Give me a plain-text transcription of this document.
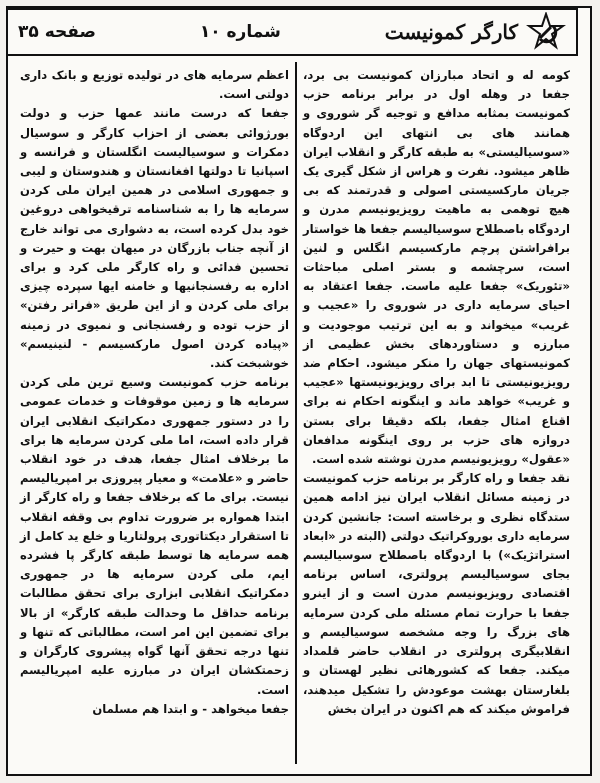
کارگر کمونیست
شماره ۱۰
صفحه ۳۵

کومه له و اتحاد مبارزان کمونیست بی برد، جفعا در وهله اول در برابر برنامه حزب کمونیست بمثابه مدافع و توجیه گر شوروی و همانند های بی انتهای این اردوگاه «سوسیالیستی» به طبقه کارگر و انقلاب ایران ظاهر میشود. نفرت و هراس از شکل گیری یک جریان مارکسیستی اصولی و قدرتمند که بی هیچ توهمی به ماهیت رویزیونیسم مدرن و اردوگاه باصطلاح سوسیالیسم جفعا ها خواستار برافراشتن پرچم مارکسیسم انگلس و لنین است، سرچشمه و بستر اصلی مباحثات «تئوریک» جفعا علیه ماست. جفعا اعتقاد به احیای سرمایه داری در شوروی را «عجیب و غریب» میخواند و به این ترتیب موجودیت و مبارزه و دستاوردهای بخش عظیمی از کمونیستهای جهان را منکر میشود. احکام ضد رویزیونیستی تا ابد برای رویزیونیستها «عجیب و غریب» خواهد ماند و اینگونه احکام نه برای اقناع امثال جفعا، بلکه دقیقا برای بستن دروازه های حزب بر روی اینگونه مدافعان «عقول» رویزیونیسم مدرن نوشته شده است.

نقد جفعا و راه کارگر بر برنامه حزب کمونیست در زمینه مسائل انقلاب ایران نیز ادامه همین ستدگاه نظری و برخاسته است: جانشین کردن سرمایه داری بوروکراتیک دولتی (البته در «ابعاد استراتژیک») با اردوگاه باصطلاح سوسیالیسم بجای سوسیالیسم پرولتری، اساس برنامه اقتصادی رویزیونیسم مدرن است و از اینرو جفعا با حرارت تمام مسئله ملی کردن سرمایه های بزرگ را وجه مشخصه سوسیالیسم و انقلابیگری پرولتری در انقلاب حاضر قلمداد میکند. جفعا که کشورهائی نظیر لهستان و بلغارستان بهشت موعودش را تشکیل میدهند، فراموش میکند که هم اکنون در ایران بخش

اعظم سرمایه های در تولیده توزیع و بانک داری دولتی است.

جفعا که درست مانند عمها حزب و دولت بورژوائی بعضی از احزاب کارگر و سوسیال دمکرات و سوسیالیست انگلستان و فرانسه و اسپانیا تا دولتها افغانستان و هندوستان و لیبی و جمهوری اسلامی در همین ایران ملی کردن سرمایه ها را به شناسنامه ترقیخواهی دروغین خود بدل کرده است، به دشواری می تواند خارج از آنچه جناب بازرگان در میهان بهت و حیرت و تحسین فدائی و راه کارگر ملی کرد و برای اداره به رفسنجانیها و خامنه ایها سپرده چیزی برای ملی کردن و از این طریق «فراتر رفتن» از حزب توده و رفسنجانی و نمیوی در زمینه «پیاده کردن اصول مارکسیسم - لنینیسم» خوشبخت کند.

برنامه حزب کمونیست وسیع ترین ملی کردن سرمایه ها و زمین موقوفات و خدمات عمومی را در دستور جمهوری دمکراتیک انقلابی ایران قرار داده است، اما ملی کردن سرمایه ها برای ما برخلاف امثال جفعا، هدف در خود انقلاب حاضر و «علامت» و معیار پیروزی بر امپریالیسم نیست. برای ما که برخلاف جفعا و راه کارگر از ابتدا همواره بر ضرورت تداوم بی وقفه انقلاب تا استقرار دیکتاتوری پرولتاریا و خلع ید کامل از همه سرمایه ها توسط طبقه کارگر پا فشرده ایم، ملی کردن سرمایه ها در جمهوری دمکراتیک انقلابی ابزاری برای تحقق مطالبات برنامه حداقل ما وحدالت طبقه کارگر» از بالا برای تضمین این امر است، مطالباتی که تنها و تنها درجه تحقق آنها گواه پیشروی کارگران و زحمتکشان ایران در مبارزه علیه امپریالیسم است.

جفعا میخواهد - و ابتدا هم مسلمان
